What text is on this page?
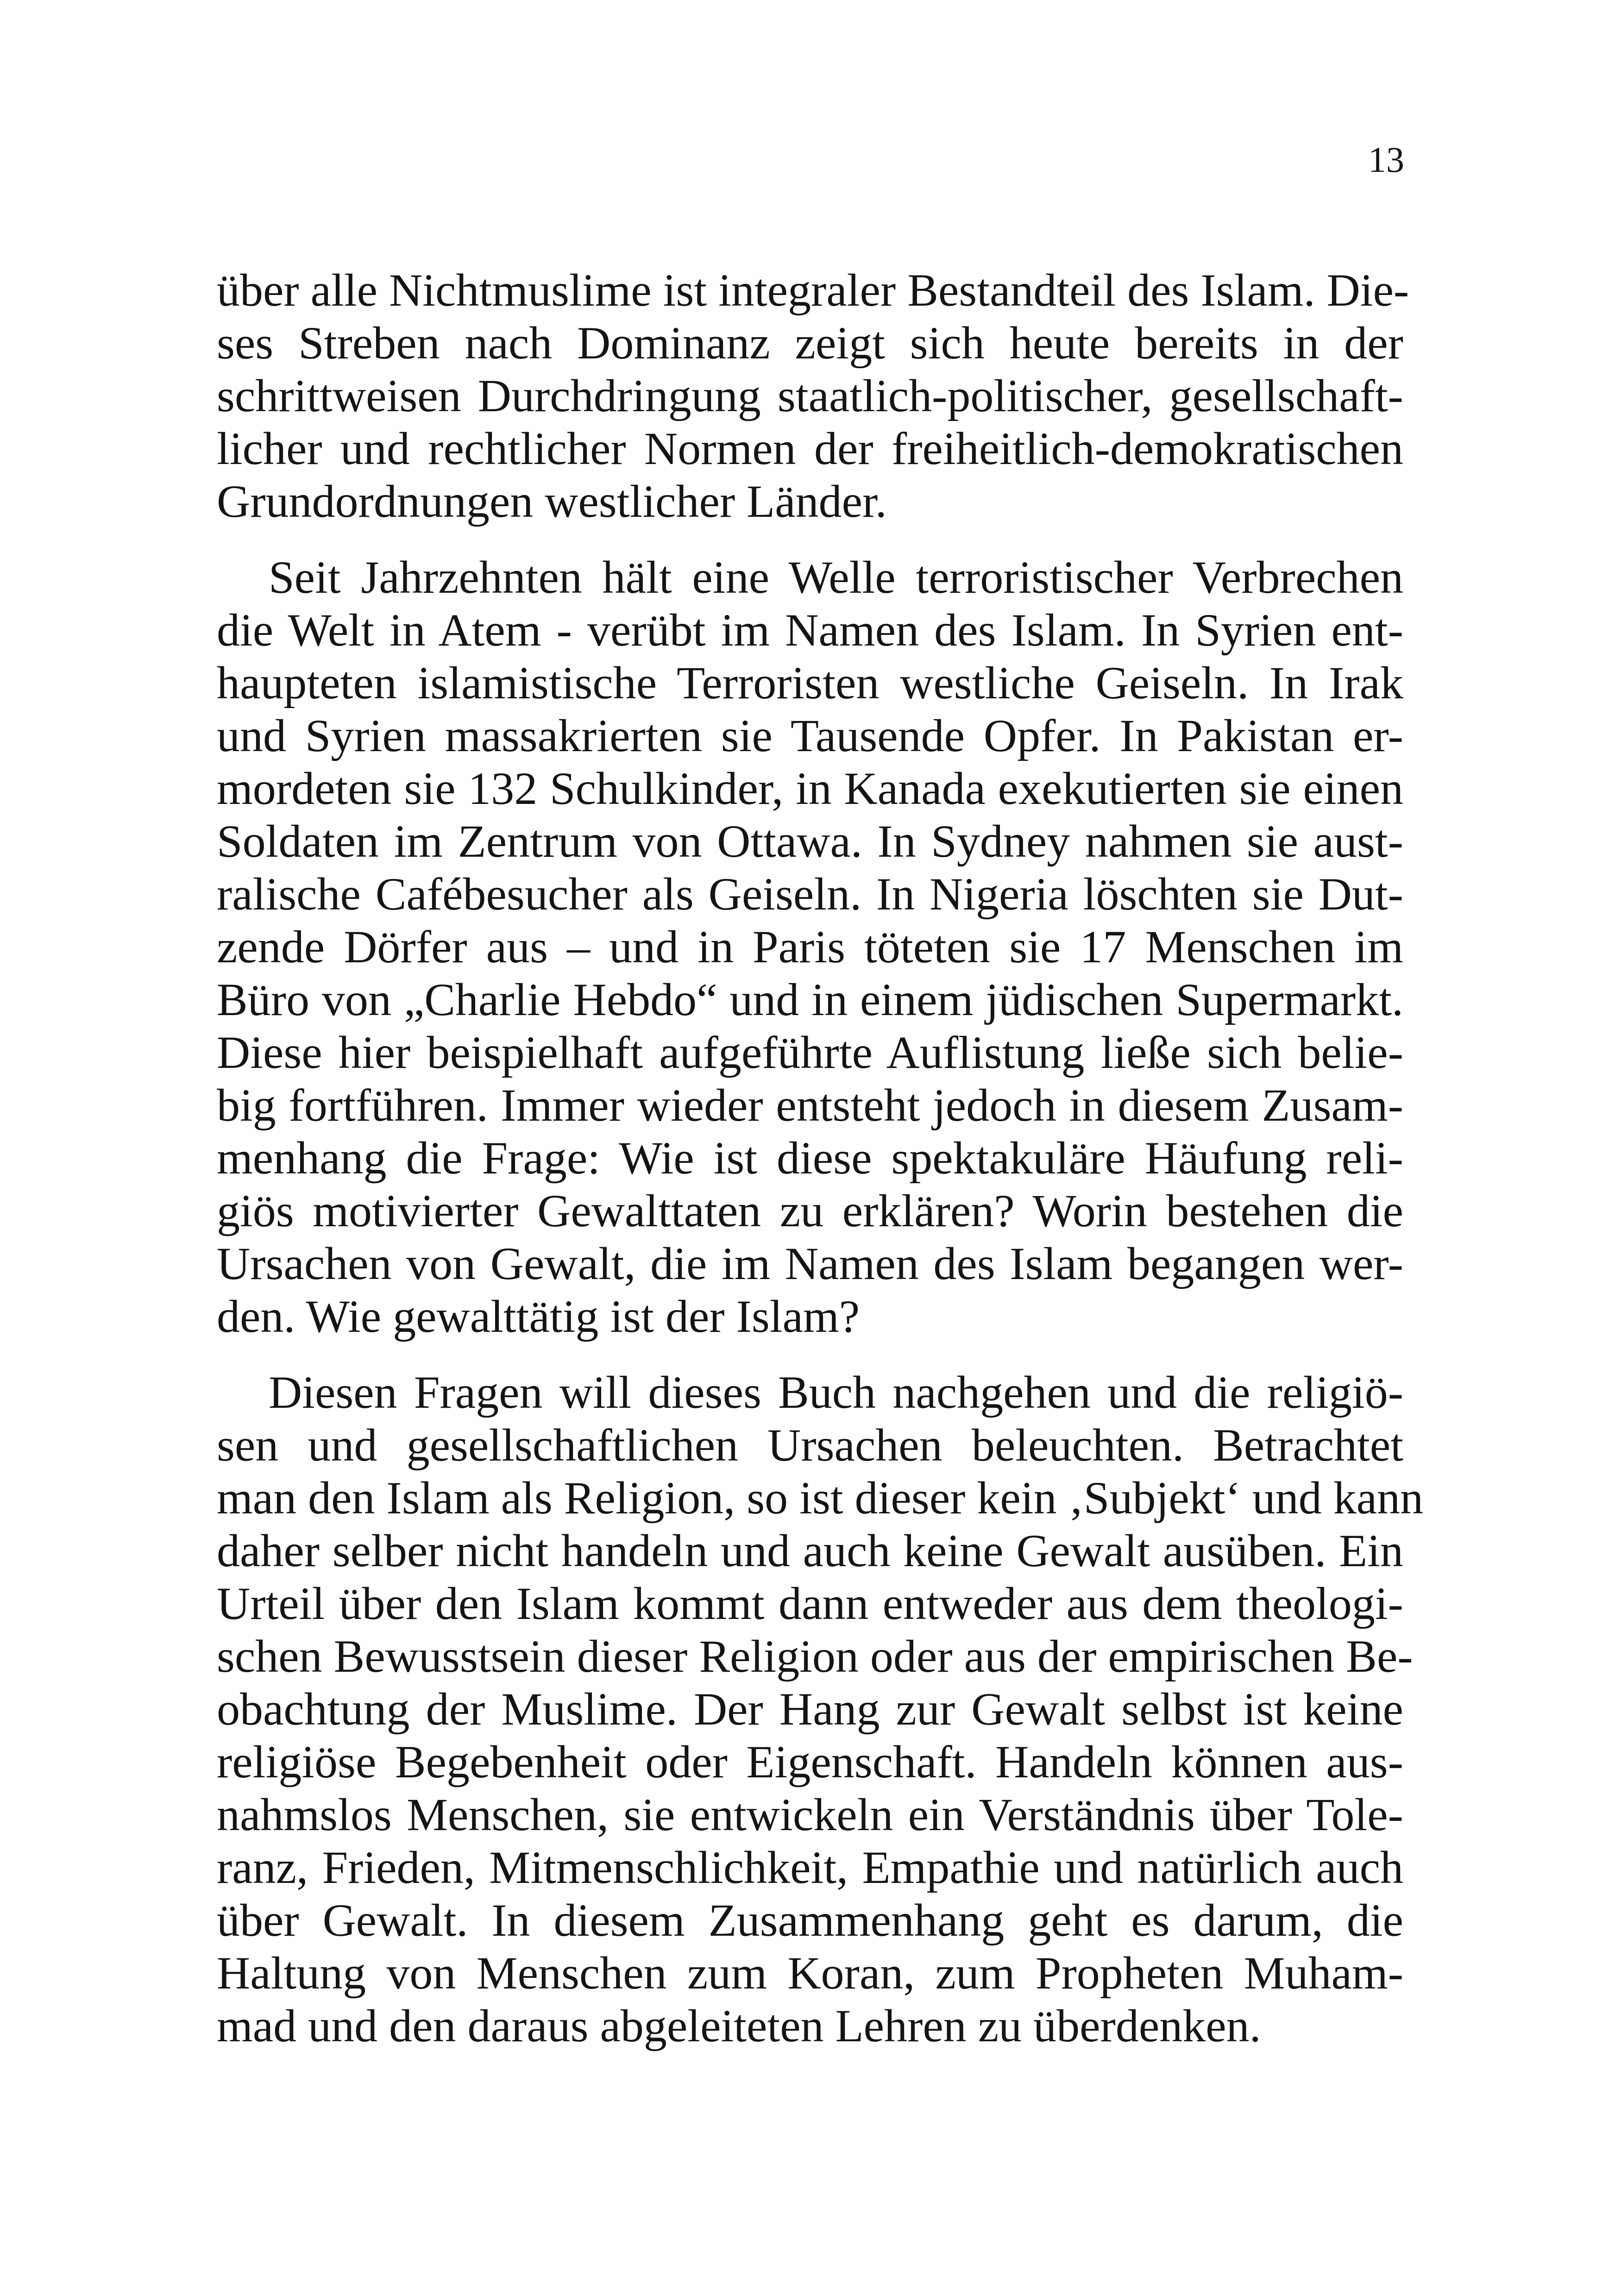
13

über alle Nichtmuslime ist integraler Bestandteil des Islam. Die-
ses Streben nach Dominanz zeigt sich heute bereits in der
schrittweisen Durchdringung staatlich-politischer, gesellschaft-
licher und rechtlicher Normen der freiheitlich-demokratischen
Grundordnungen westlicher Länder.

Seit Jahrzehnten hält eine Welle terroristischer Verbrechen
die Welt in Atem - verübt im Namen des Islam. In Syrien ent-
haupteten islamistische Terroristen westliche Geiseln. In Irak
und Syrien massakrierten sie Tausende Opfer. In Pakistan er-
mordeten sie 132 Schulkinder, in Kanada exekutierten sie einen
Soldaten im Zentrum von Ottawa. In Sydney nahmen sie aust-
ralische Cafébesucher als Geiseln. In Nigeria löschten sie Dut-
zende Dörfer aus – und in Paris töteten sie 17 Menschen im
Büro von „Charlie Hebdo“ und in einem jüdischen Supermarkt.
Diese hier beispielhaft aufgeführte Auflistung ließe sich belie-
big fortführen. Immer wieder entsteht jedoch in diesem Zusam-
menhang die Frage: Wie ist diese spektakuläre Häufung reli-
giös motivierter Gewalttaten zu erklären? Worin bestehen die
Ursachen von Gewalt, die im Namen des Islam begangen wer-
den. Wie gewalttätig ist der Islam?

Diesen Fragen will dieses Buch nachgehen und die religiö-
sen und gesellschaftlichen Ursachen beleuchten. Betrachtet
man den Islam als Religion, so ist dieser kein ‚Subjekt‘ und kann
daher selber nicht handeln und auch keine Gewalt ausüben. Ein
Urteil über den Islam kommt dann entweder aus dem theologi-
schen Bewusstsein dieser Religion oder aus der empirischen Be-
obachtung der Muslime. Der Hang zur Gewalt selbst ist keine
religiöse Begebenheit oder Eigenschaft. Handeln können aus-
nahmslos Menschen, sie entwickeln ein Verständnis über Tole-
ranz, Frieden, Mitmenschlichkeit, Empathie und natürlich auch
über Gewalt. In diesem Zusammenhang geht es darum, die
Haltung von Menschen zum Koran, zum Propheten Muham-
mad und den daraus abgeleiteten Lehren zu überdenken.
